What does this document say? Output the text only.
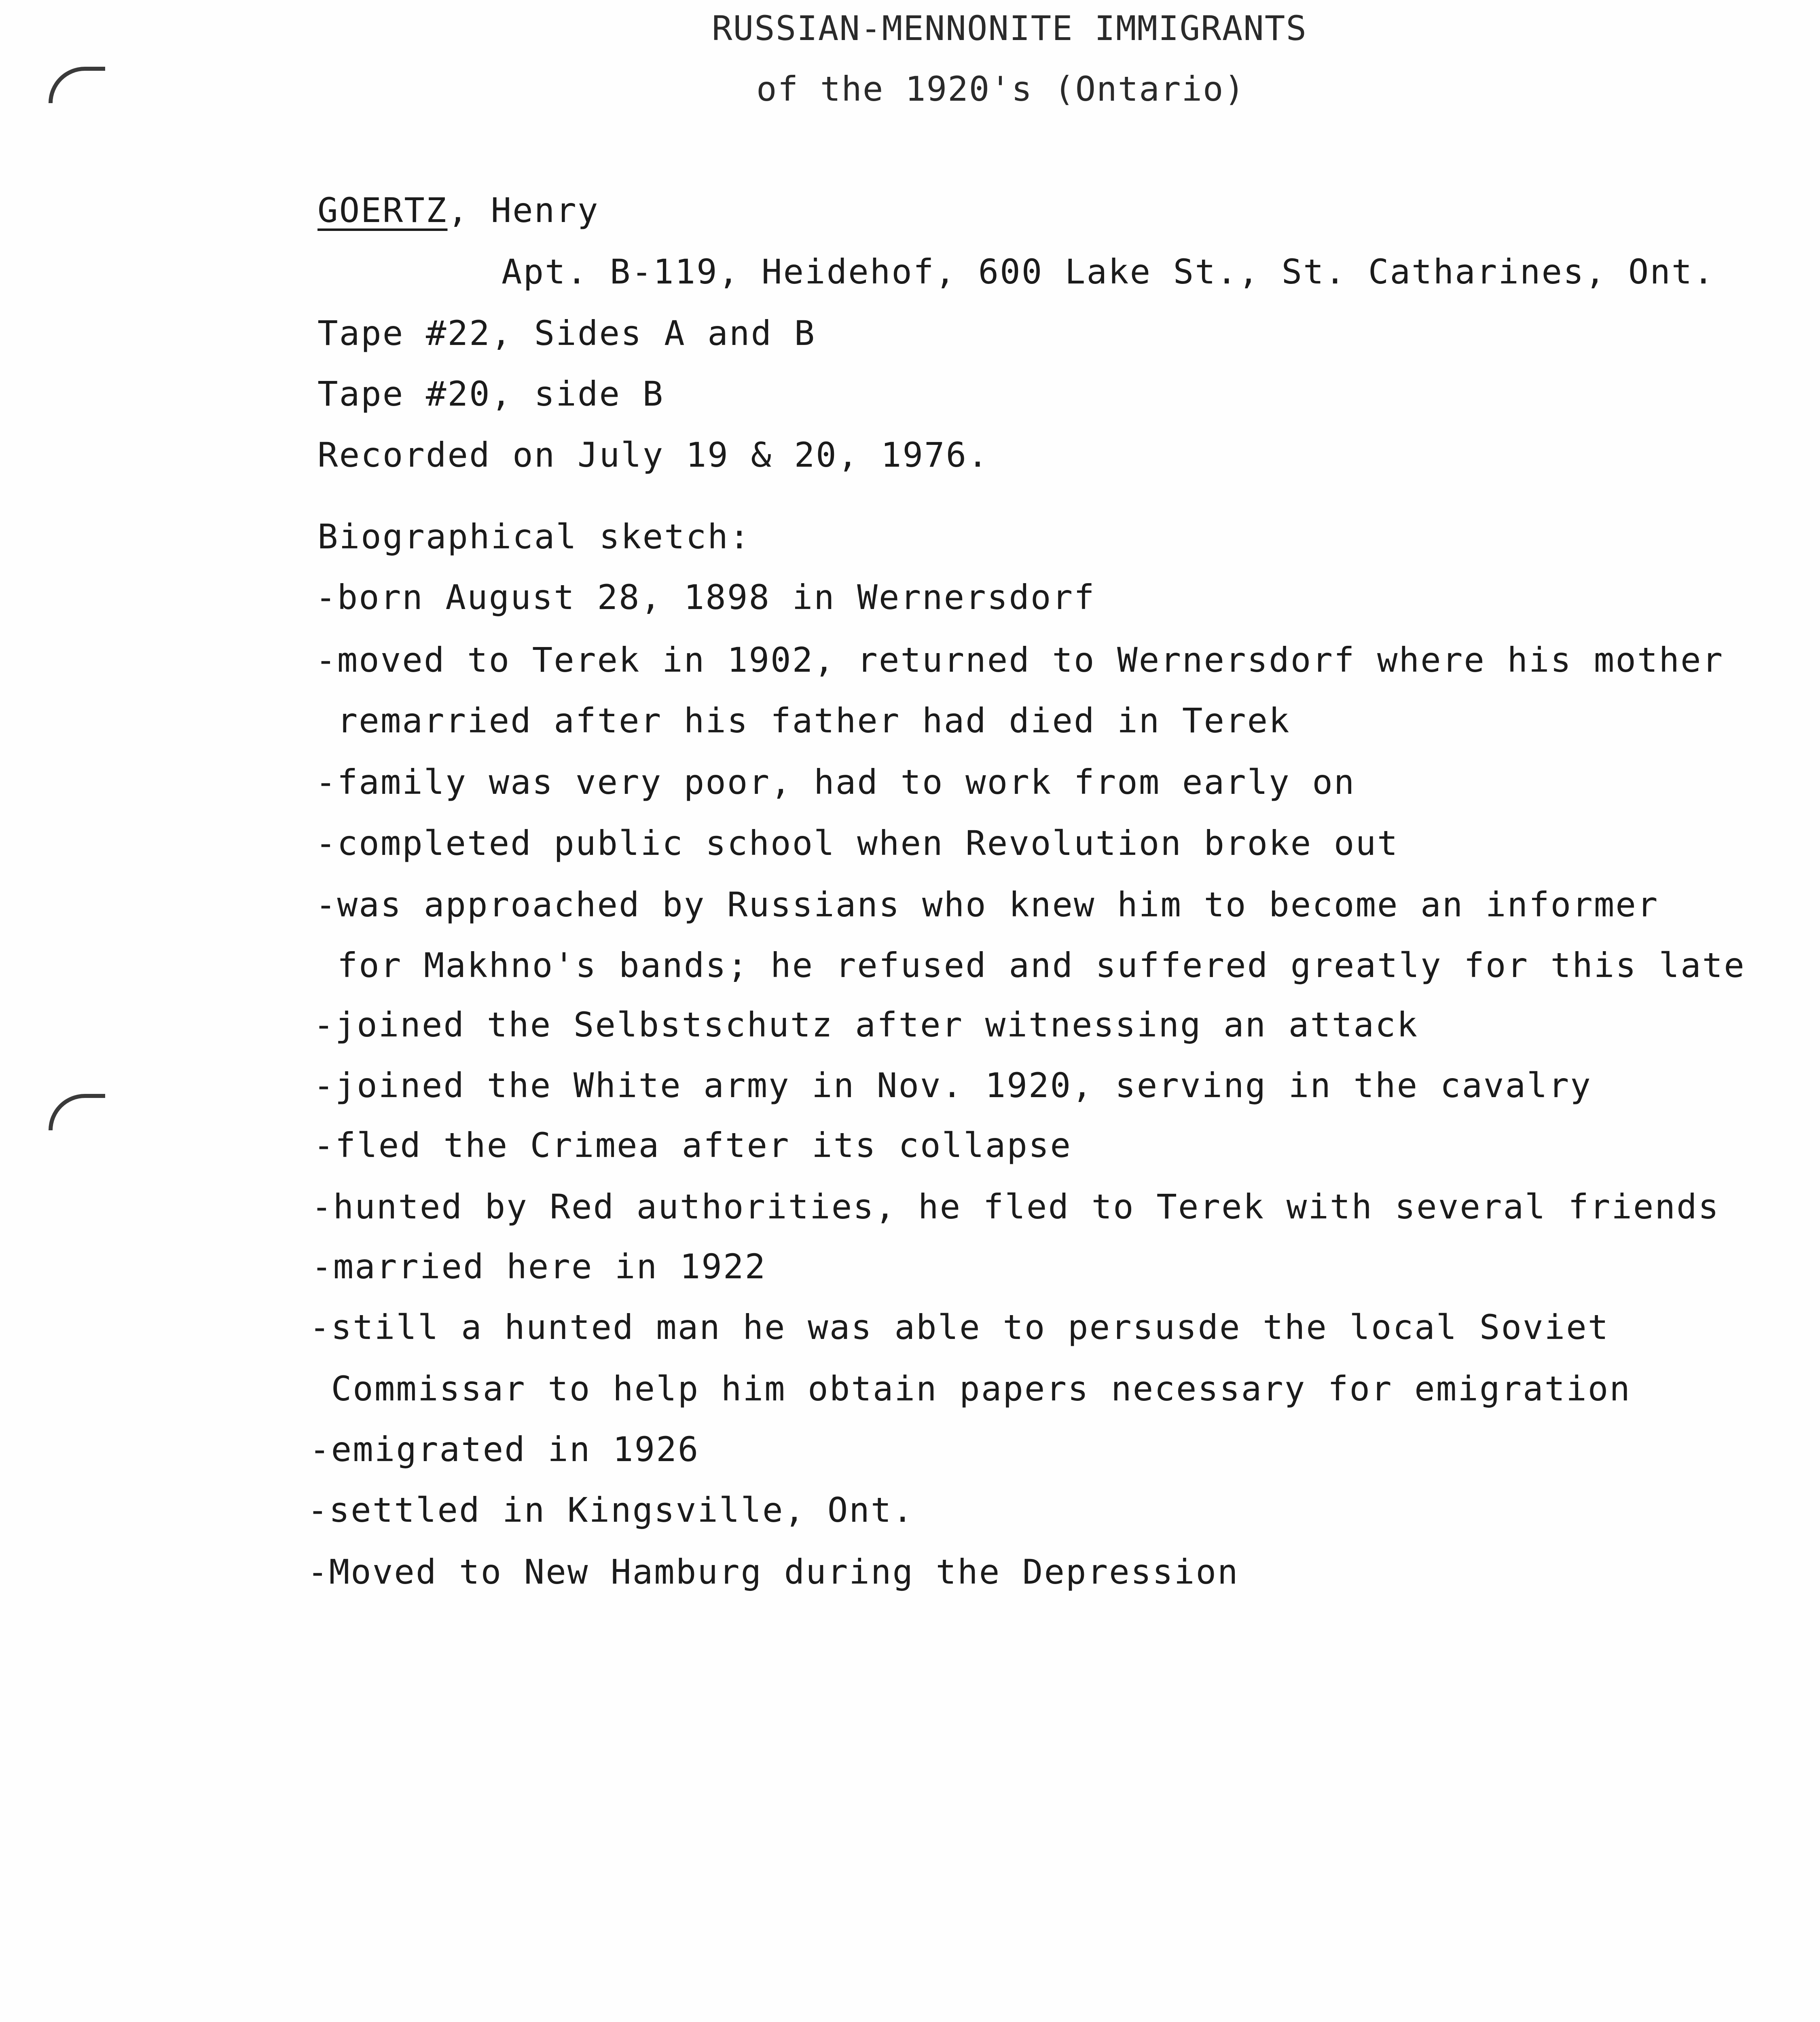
RUSSIAN-MENNONITE IMMIGRANTS
of the 1920's (Ontario)
GOERTZ, Henry
Apt. B-119, Heidehof, 600 Lake St., St. Catharines, Ont.
Tape #22, Sides A and B
Tape #20, side B
Recorded on July 19 & 20, 1976.
Biographical sketch:
-born August 28, 1898 in Wernersdorf
-moved to Terek in 1902, returned to Wernersdorf where his mother
remarried after his father had died in Terek
-family was very poor, had to work from early on
-completed public school when Revolution broke out
-was approached by Russians who knew him to become an informer
for Makhno's bands; he refused and suffered greatly for this late
-joined the Selbstschutz after witnessing an attack
-joined the White army in Nov. 1920, serving in the cavalry
-fled the Crimea after its collapse
-hunted by Red authorities, he fled to Terek with several friends
-married here in 1922
-still a hunted man he was able to persusde the local Soviet
Commissar to help him obtain papers necessary for emigration
-emigrated in 1926
-settled in Kingsville, Ont.
-Moved to New Hamburg during the Depression
